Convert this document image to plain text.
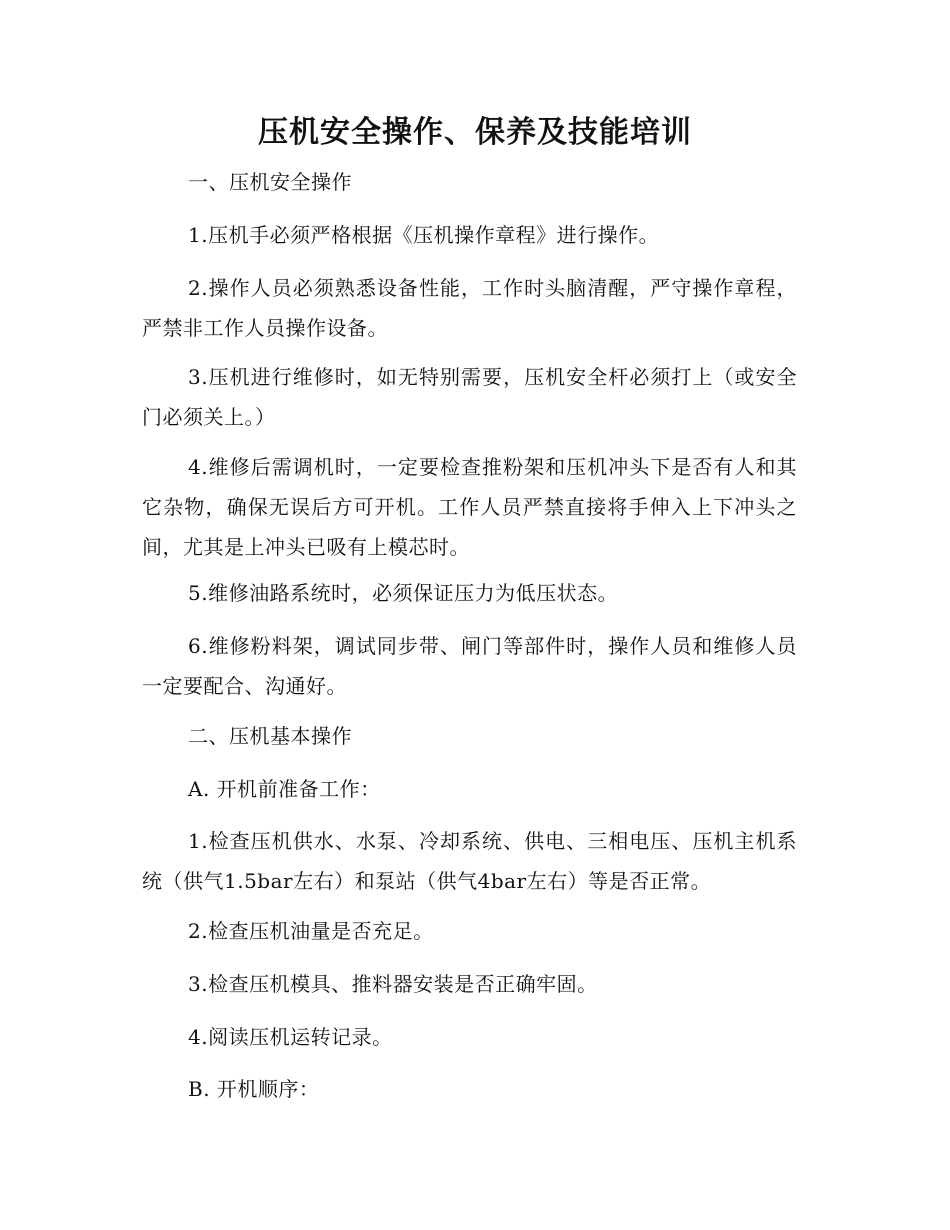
压机安全操作、保养及技能培训
一、压机安全操作
1.压机手必须严格根据《压机操作章程》进行操作。
2.操作人员必须熟悉设备性能，工作时头脑清醒，严守操作章程，严禁非工作人员操作设备。
3.压机进行维修时，如无特别需要，压机安全杆必须打上（或安全门必须关上。）
4.维修后需调机时，一定要检查推粉架和压机冲头下是否有人和其它杂物，确保无误后方可开机。工作人员严禁直接将手伸入上下冲头之间，尤其是上冲头已吸有上模芯时。
5.维修油路系统时，必须保证压力为低压状态。
6.维修粉料架，调试同步带、闸门等部件时，操作人员和维修人员一定要配合、沟通好。
二、压机基本操作
A. 开机前准备工作：
1.检查压机供水、水泵、冷却系统、供电、三相电压、压机主机系统（供气1.5bar左右）和泵站（供气4bar左右）等是否正常。
2.检查压机油量是否充足。
3.检查压机模具、推料器安装是否正确牢固。
4.阅读压机运转记录。
B. 开机顺序：
